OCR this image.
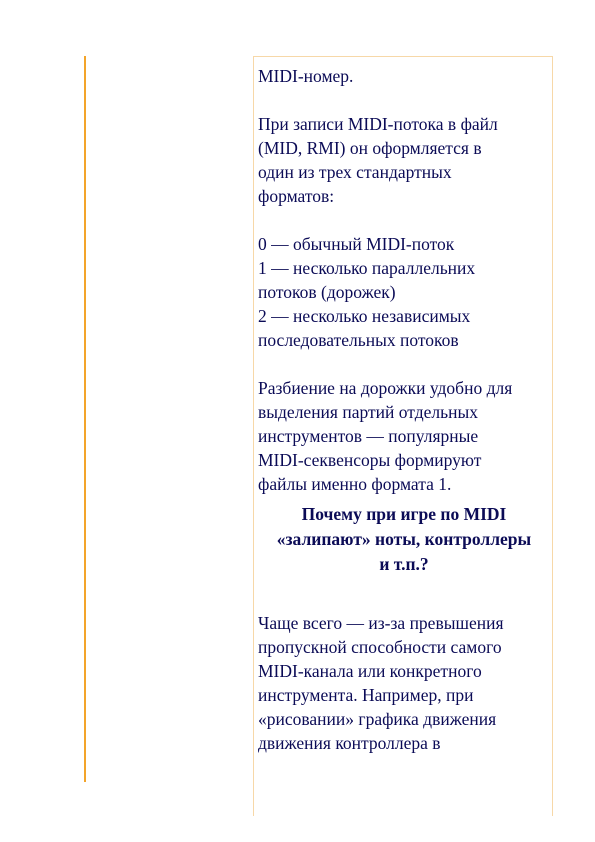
MIDI-номер.

При записи MIDI-потока в файл

(MID, RMI) он оформляется в

один из трех стандартных

форматов:

0 — обычный MIDI-поток

1 — несколько параллельних

потоков (дорожек)

2 — несколько независимых

последовательных потоков

Разбиение на дорожки удобно для

выделения партий отдельных

инструментов — популярные

MIDI-секвенсоры формируют

файлы именно формата 1.

Почему при игре по MIDI

«залипают» ноты, контроллеры

и т.п.?

Чаще всего — из-за превышения

пропускной способности самого

MIDI-канала или конкретного

инструмента. Например, при

«рисовании» графика движения

движения контроллера в
